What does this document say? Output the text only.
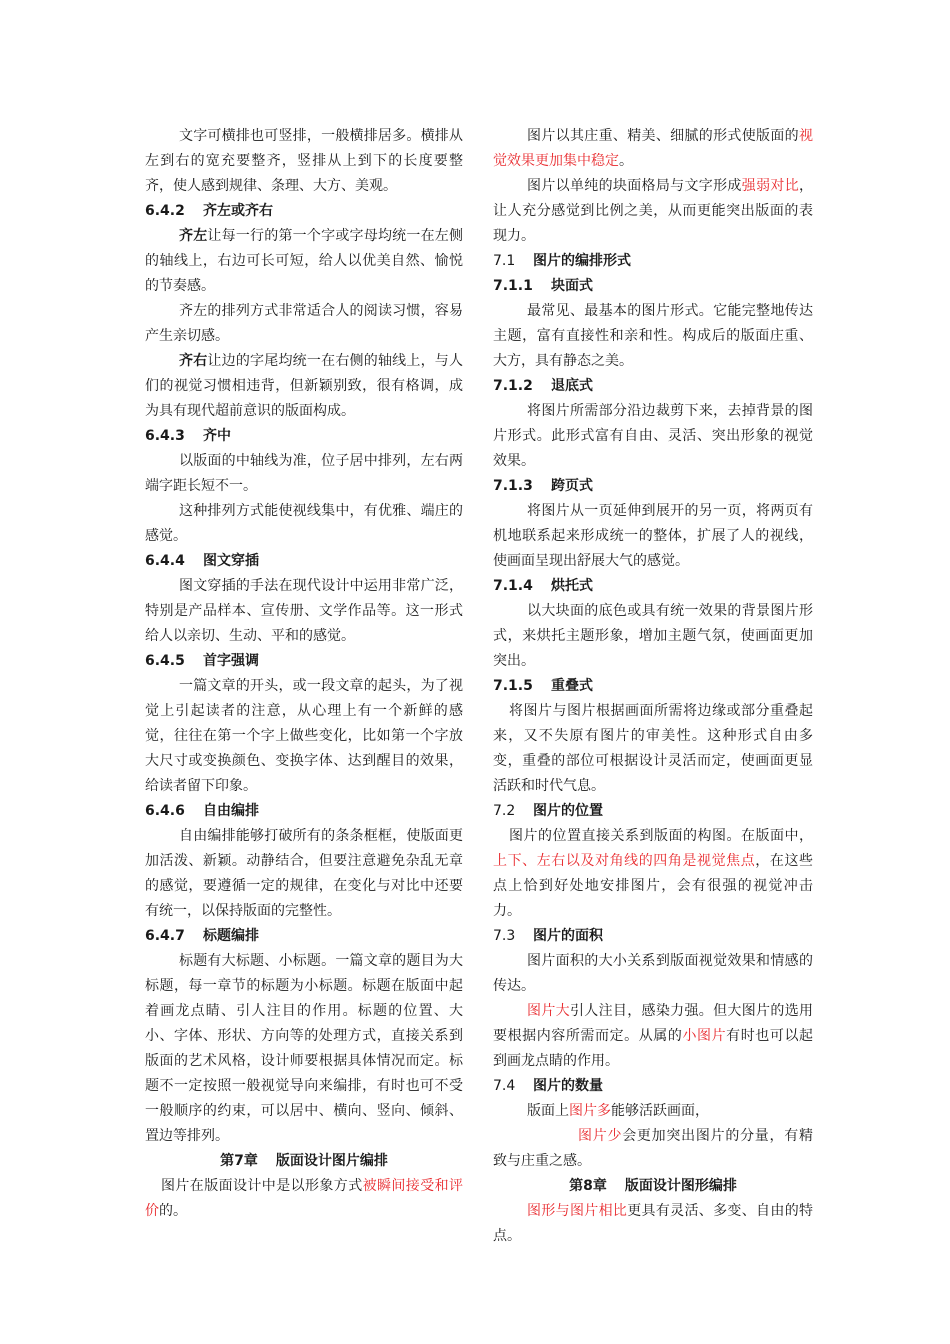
文字可横排也可竖排，一般横排居多。横排从左到右的宽充要整齐，竖排从上到下的长度要整齐，使人感到规律、条理、大方、美观。

6.4.2 齐左或齐右

齐左让每一行的第一个字或字母均统一在左侧的轴线上，右边可长可短，给人以优美自然、愉悦的节奏感。

齐左的排列方式非常适合人的阅读习惯，容易产生亲切感。

齐右让边的字尾均统一在右侧的轴线上，与人们的视觉习惯相违背，但新颖别致，很有格调，成为具有现代超前意识的版面构成。

6.4.3 齐中

以版面的中轴线为准，位子居中排列，左右两端字距长短不一。

这种排列方式能使视线集中，有优雅、端庄的感觉。

6.4.4 图文穿插

图文穿插的手法在现代设计中运用非常广泛，特别是产品样本、宣传册、文学作品等。这一形式给人以亲切、生动、平和的感觉。

6.4.5 首字强调

一篇文章的开头，或一段文章的起头，为了视觉上引起读者的注意，从心理上有一个新鲜的感觉，往往在第一个字上做些变化，比如第一个字放大尺寸或变换颜色、变换字体、达到醒目的效果，给读者留下印象。

6.4.6 自由编排

自由编排能够打破所有的条条框框，使版面更加活泼、新颖。动静结合，但要注意避免杂乱无章的感觉，要遵循一定的规律，在变化与对比中还要有统一，以保持版面的完整性。

6.4.7 标题编排

标题有大标题、小标题。一篇文章的题目为大标题，每一章节的标题为小标题。标题在版面中起着画龙点睛、引人注目的作用。标题的位置、大小、字体、形状、方向等的处理方式，直接关系到版面的艺术风格，设计师要根据具体情况而定。标题不一定按照一般视觉导向来编排，有时也可不受一般顺序的约束，可以居中、横向、竖向、倾斜、置边等排列。

第7章 版面设计图片编排

图片在版面设计中是以形象方式被瞬间接受和评价的。

图片以其庄重、精美、细腻的形式使版面的视觉效果更加集中稳定。

图片以单纯的块面格局与文字形成强弱对比，让人充分感觉到比例之美，从而更能突出版面的表现力。

7.1 图片的编排形式

7.1.1 块面式

最常见、最基本的图片形式。它能完整地传达主题，富有直接性和亲和性。构成后的版面庄重、大方，具有静态之美。

7.1.2 退底式

将图片所需部分沿边裁剪下来，去掉背景的图片形式。此形式富有自由、灵活、突出形象的视觉效果。

7.1.3 跨页式

将图片从一页延伸到展开的另一页，将两页有机地联系起来形成统一的整体，扩展了人的视线，使画面呈现出舒展大气的感觉。

7.1.4 烘托式

以大块面的底色或具有统一效果的背景图片形式，来烘托主题形象，增加主题气氛，使画面更加突出。

7.1.5 重叠式

将图片与图片根据画面所需将边缘或部分重叠起来，又不失原有图片的审美性。这种形式自由多变，重叠的部位可根据设计灵活而定，使画面更显活跃和时代气息。

7.2 图片的位置

图片的位置直接关系到版面的构图。在版面中，上下、左右以及对角线的四角是视觉焦点，在这些点上恰到好处地安排图片，会有很强的视觉冲击力。

7.3 图片的面积

图片面积的大小关系到版面视觉效果和情感的传达。

图片大引人注目，感染力强。但大图片的选用要根据内容所需而定。从属的小图片有时也可以起到画龙点睛的作用。

7.4 图片的数量

版面上图片多能够活跃画面，

图片少会更加突出图片的分量，有精致与庄重之感。

第8章 版面设计图形编排

图形与图片相比更具有灵活、多变、自由的特点。
